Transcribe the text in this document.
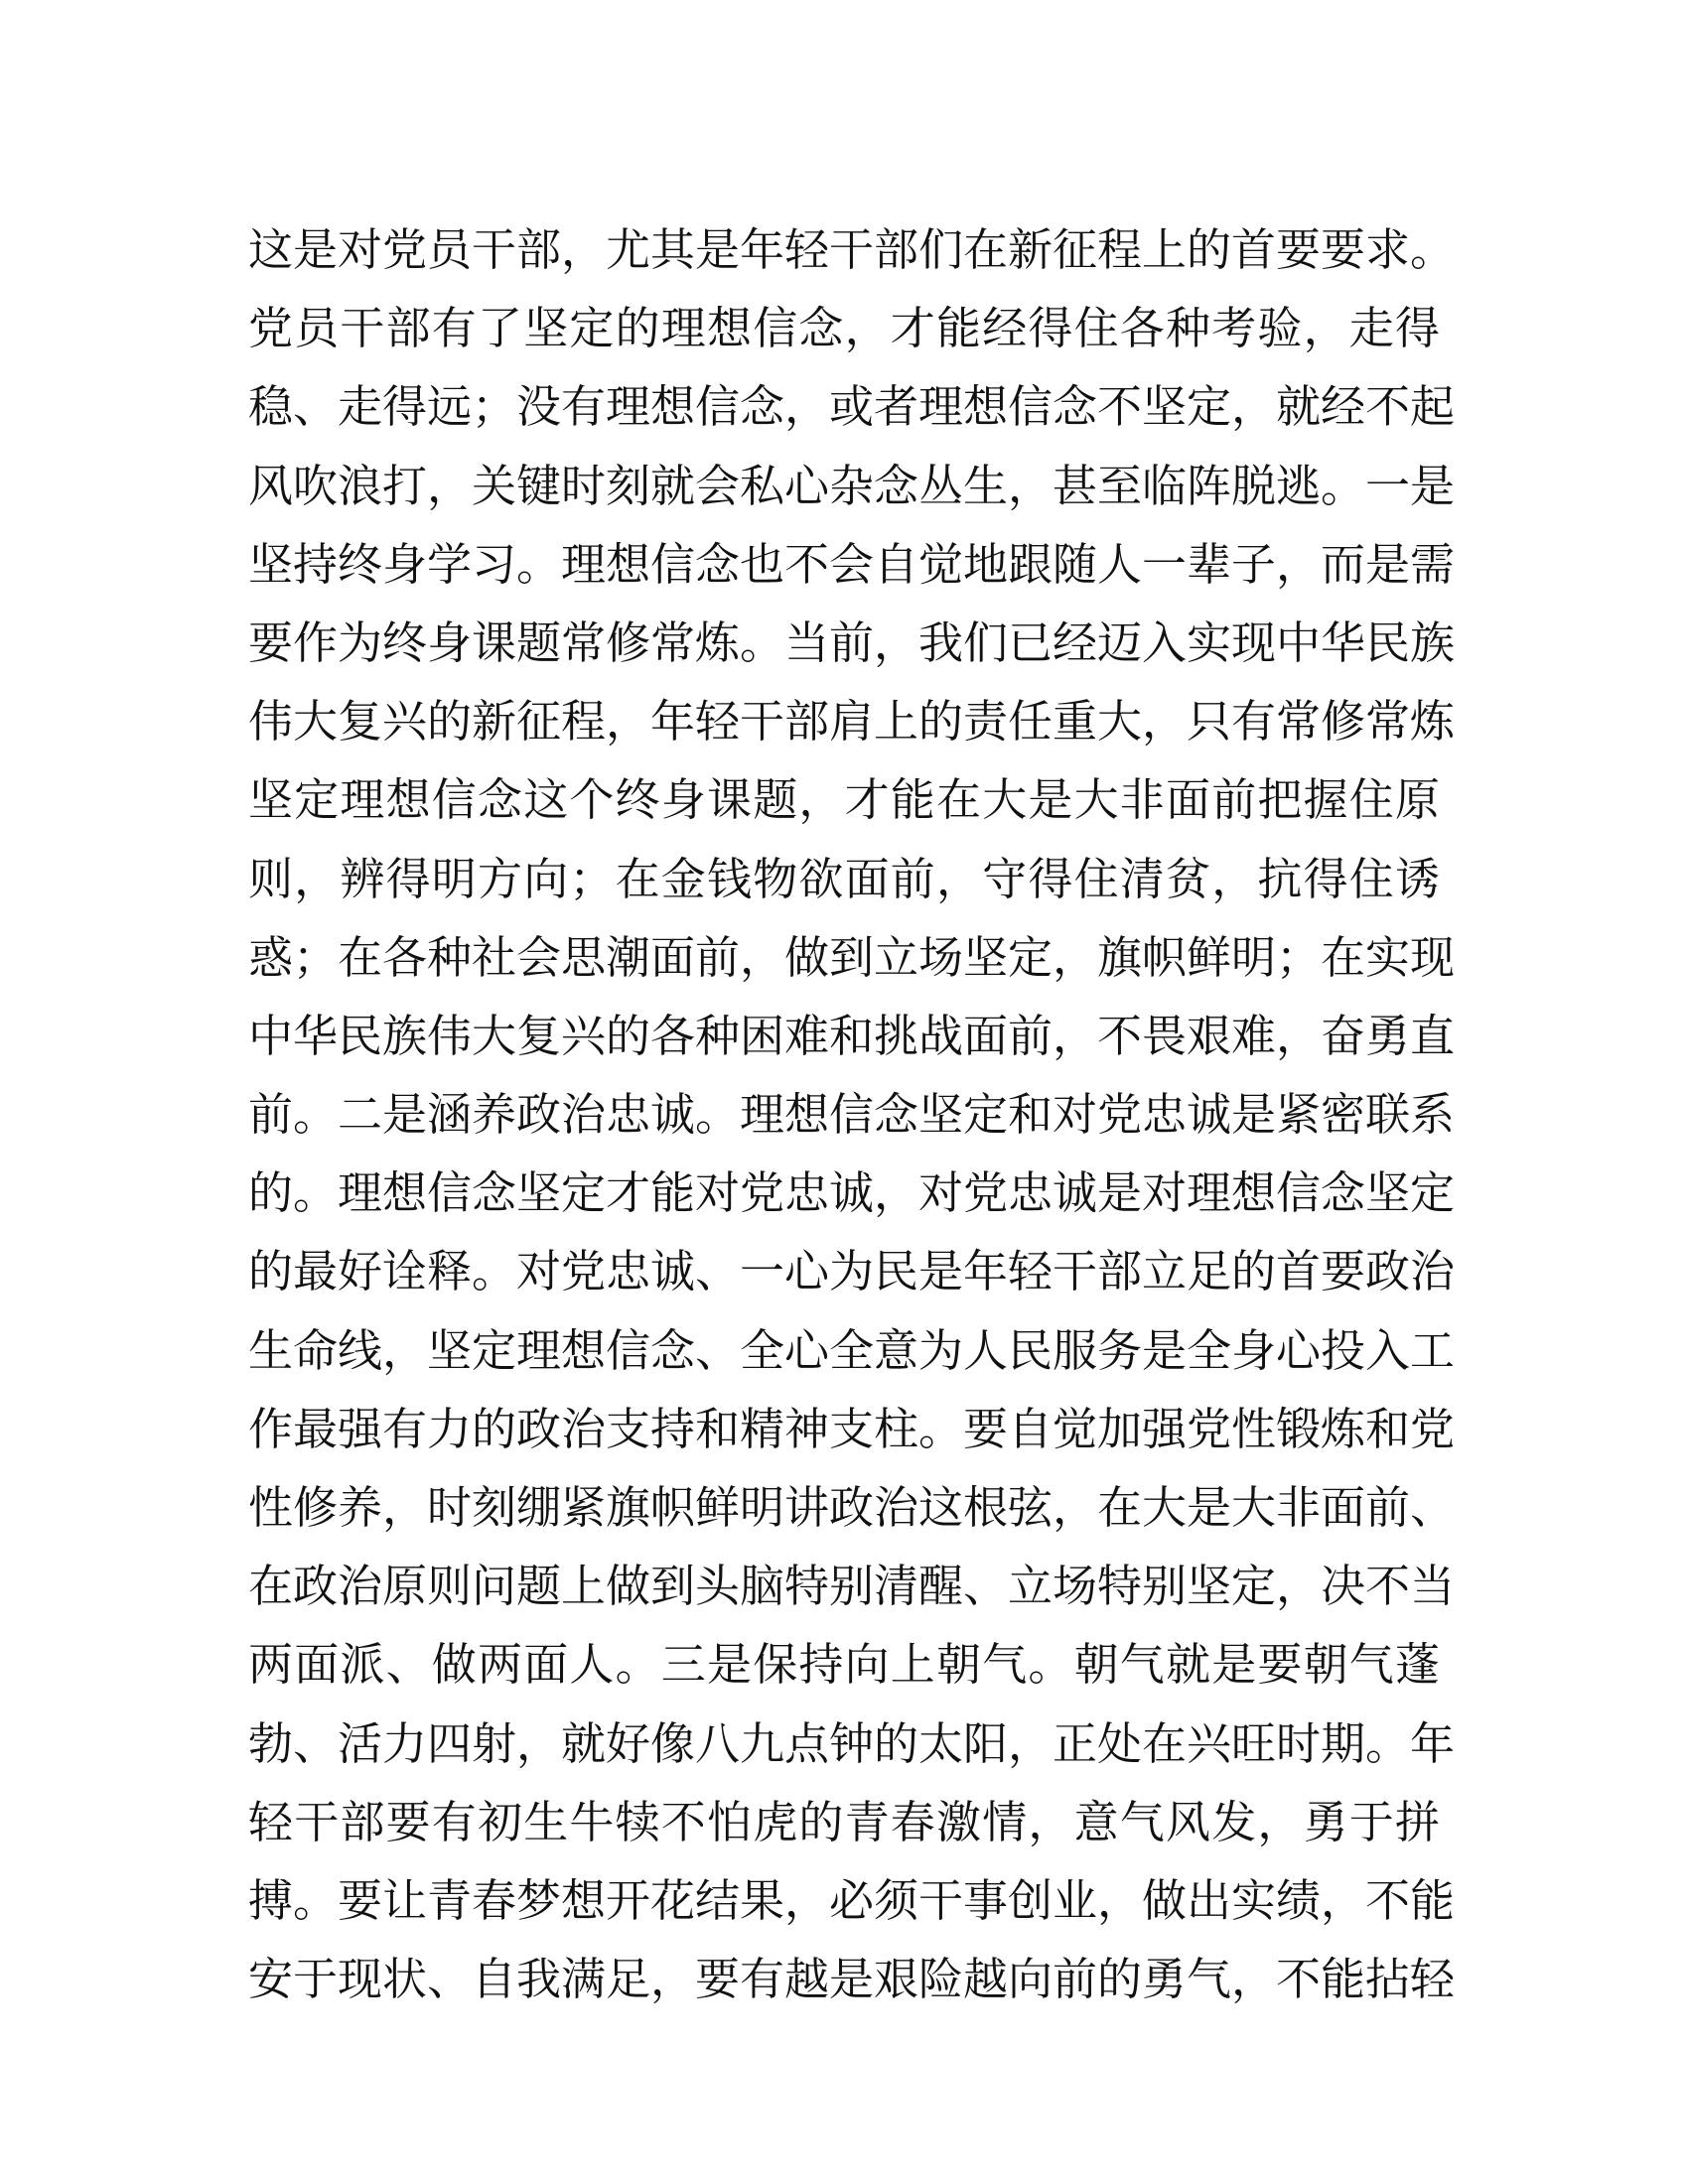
这是对党员干部，尤其是年轻干部们在新征程上的首要要求。
党员干部有了坚定的理想信念，才能经得住各种考验，走得
稳、走得远；没有理想信念，或者理想信念不坚定，就经不起
风吹浪打，关键时刻就会私心杂念丛生，甚至临阵脱逃。一是
坚持终身学习。理想信念也不会自觉地跟随人一辈子，而是需
要作为终身课题常修常炼。当前，我们已经迈入实现中华民族
伟大复兴的新征程，年轻干部肩上的责任重大，只有常修常炼
坚定理想信念这个终身课题，才能在大是大非面前把握住原
则，辨得明方向；在金钱物欲面前，守得住清贫，抗得住诱
惑；在各种社会思潮面前，做到立场坚定，旗帜鲜明；在实现
中华民族伟大复兴的各种困难和挑战面前，不畏艰难，奋勇直
前。二是涵养政治忠诚。理想信念坚定和对党忠诚是紧密联系
的。理想信念坚定才能对党忠诚，对党忠诚是对理想信念坚定
的最好诠释。对党忠诚、一心为民是年轻干部立足的首要政治
生命线，坚定理想信念、全心全意为人民服务是全身心投入工
作最强有力的政治支持和精神支柱。要自觉加强党性锻炼和党
性修养，时刻绷紧旗帜鲜明讲政治这根弦，在大是大非面前、
在政治原则问题上做到头脑特别清醒、立场特别坚定，决不当
两面派、做两面人。三是保持向上朝气。朝气就是要朝气蓬
勃、活力四射，就好像八九点钟的太阳，正处在兴旺时期。年
轻干部要有初生牛犊不怕虎的青春激情，意气风发，勇于拼
搏。要让青春梦想开花结果，必须干事创业，做出实绩，不能
安于现状、自我满足，要有越是艰险越向前的勇气，不能拈轻
